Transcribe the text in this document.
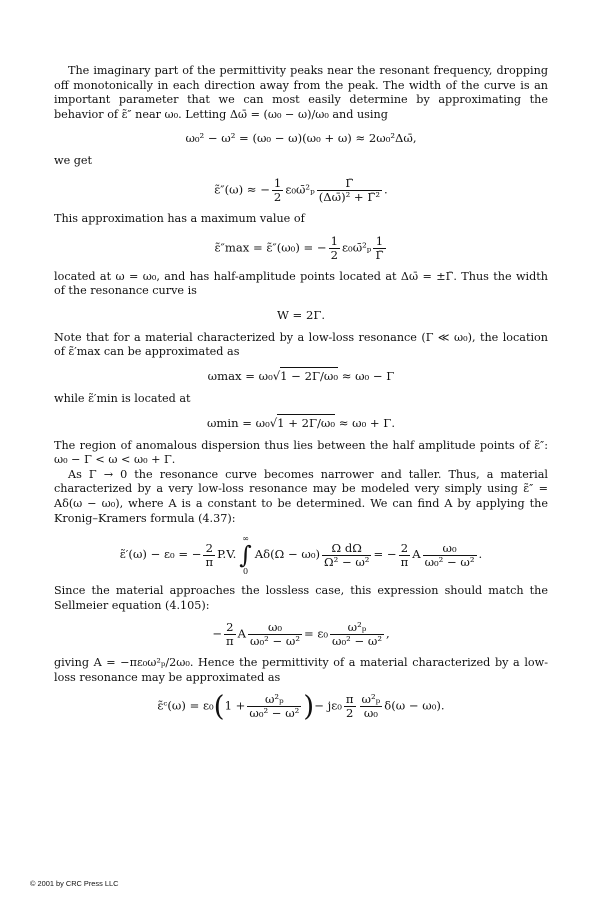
The imaginary part of the permittivity peaks near the resonant frequency, dropping off monotonically in each direction away from the peak. The width of the curve is an important parameter that we can most easily determine by approximating the behavior of ε̃″ near ω₀. Letting Δω̄ = (ω₀ − ω)/ω₀ and using

ω₀² − ω² = (ω₀ − ω)(ω₀ + ω) ≈ 2ω₀²Δω̄,

we get

ε̃″(ω) ≈ − $\frac{1}{2}$ ε₀ω̄²ₚ $\frac{\Gammā}{\text{(Δω̄)² + Γ̄²}}$ .

This approximation has a maximum value of

ε̃″max = ε̃″(ω₀) = − $\frac{1}{2}$ ε₀ω̄²ₚ $\frac{1}{\Gammā}$

located at ω = ω₀, and has half-amplitude points located at Δω̄ = ±Γ̄. Thus the width of the resonance curve is

W = 2Γ.

Note that for a material characterized by a low-loss resonance (Γ ≪ ω₀), the location of ε̃′max can be approximated as

ωmax = ω₀√1 − 2Γ/ω₀ ≈ ω₀ − Γ

while ε̃′min is located at

ωmin = ω₀√1 + 2Γ/ω₀ ≈ ω₀ + Γ.

The region of anomalous dispersion thus lies between the half amplitude points of ε̃″: ω₀ − Γ < ω < ω₀ + Γ.

As Γ → 0 the resonance curve becomes narrower and taller. Thus, a material characterized by a very low-loss resonance may be modeled very simply using ε̃″ = Aδ(ω − ω₀), where A is a constant to be determined. We can find A by applying the Kronig–Kramers formula (4.37):

ε̃′(ω) − ε₀ = − $\frac{2}{\pi} P.V$.
∞
∫
0
$A\delta(\Omega - \omega_0) \frac{\text{Ω dΩ}}{\text{Ω² − ω²}}$ = − $\frac{2}{\pi}$ A $\frac{\text{ω₀}}{\text{ω₀² − ω²}}$ .

Since the material approaches the lossless case, this expression should match the Sellmeier equation (4.105):

− $\frac{2}{\pi}$ A $\frac{\text{ω₀}}{\text{ω₀² − ω²}} = \varepsilon_0 \frac{\text{ω²ₚ}}{\text{ω₀² − ω²}}$ ,

giving A = −πε₀ω²ₚ/2ω₀. Hence the permittivity of a material characterized by a low-loss resonance may be approximated as

ε̃ᶜ(ω) = $\varepsilon_0(1 + \frac{\text{ω²ₚ}}{\text{ω₀² − ω²}}$ )− $j\varepsilon_0 \frac{\pi}{2} \frac{\text{ω²ₚ}}{\text{ω₀}} \delta(\omega - \omega_0)$.
© 2001 by CRC Press LLC
